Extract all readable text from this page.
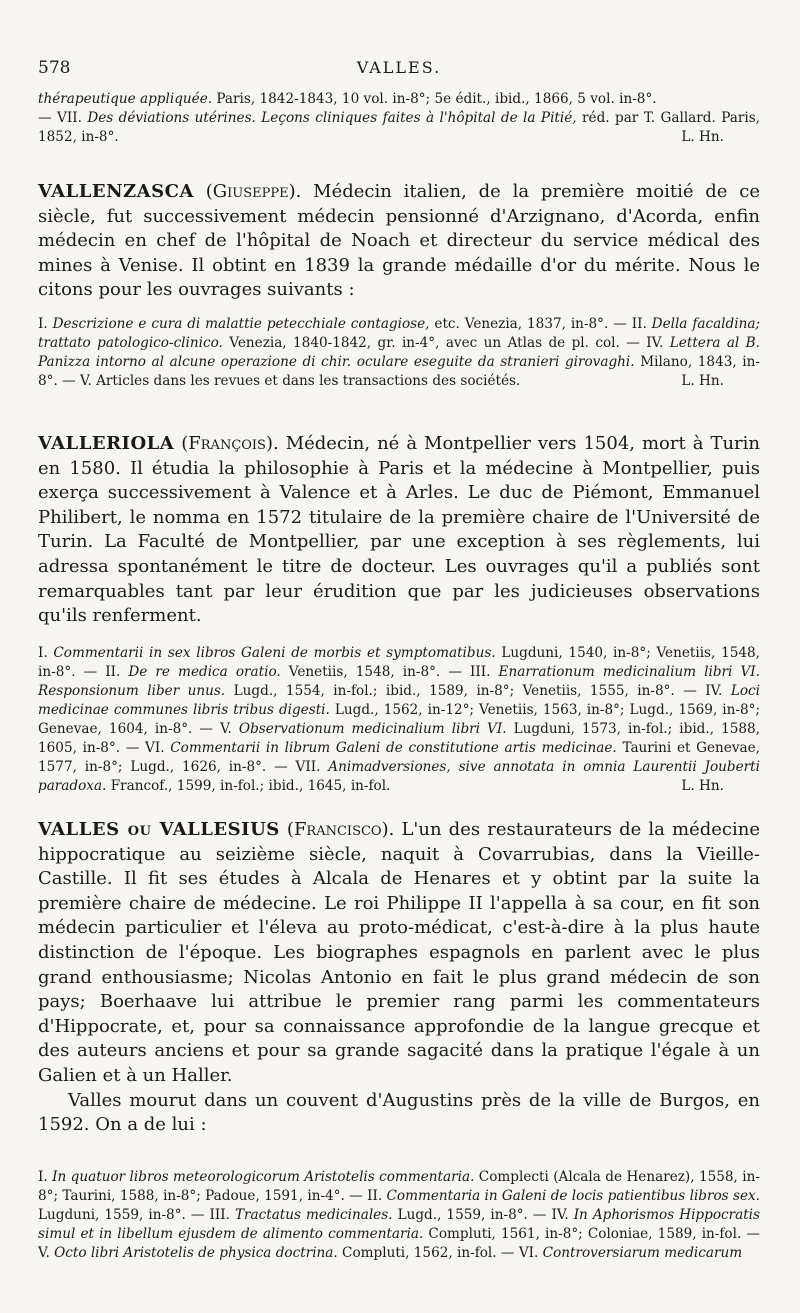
578	VALLES.
thérapeutique appliquée. Paris, 1842-1843, 10 vol. in-8°; 5e édit., ibid., 1866, 5 vol. in-8°.
— VII. Des déviations utérines. Leçons cliniques faites à l'hôpital de la Pitié, réd. par T. Gallard. Paris, 1852, in-8°.	L. Hn.
VALLENZASCA (Giuseppe). Médecin italien, de la première moitié de ce siècle, fut successivement médecin pensionné d'Arzignano, d'Acorda, enfin médecin en chef de l'hôpital de Noach et directeur du service médical des mines à Venise. Il obtint en 1839 la grande médaille d'or du mérite. Nous le citons pour les ouvrages suivants :
I. Descrizione e cura di malattie petecchiale contagiose, etc. Venezia, 1837, in-8°. — II. Della facaldina; trattato patologico-clinico. Venezia, 1840-1842, gr. in-4°, avec un Atlas de pl. col. — IV. Lettera al B. Panizza intorno al alcune operazione di chir. oculare eseguite da stranieri girovaghi. Milano, 1843, in-8°. — V. Articles dans les revues et dans les transactions des sociétés.	L. Hn.
VALLERIOLA (François). Médecin, né à Montpellier vers 1504, mort à Turin en 1580. Il étudia la philosophie à Paris et la médecine à Montpellier, puis exerça successivement à Valence et à Arles. Le duc de Piémont, Emmanuel Philibert, le nomma en 1572 titulaire de la première chaire de l'Université de Turin. La Faculté de Montpellier, par une exception à ses règlements, lui adressa spontanément le titre de docteur. Les ouvrages qu'il a publiés sont remarquables tant par leur érudition que par les judicieuses observations qu'ils renferment.
I. Commentarii in sex libros Galeni de morbis et symptomatibus. Lugduni, 1540, in-8°; Venetiis, 1548, in-8°. — II. De re medica oratio. Venetiis, 1548, in-8°. — III. Enarrationum medicinalium libri VI. Responsionum liber unus. Lugd., 1554, in-fol.; ibid., 1589, in-8°; Venetiis, 1555, in-8°. — IV. Loci medicinae communes libris tribus digesti. Lugd., 1562, in-12°; Venetiis, 1563, in-8°; Lugd., 1569, in-8°; Genevae, 1604, in-8°. — V. Observationum medicinalium libri VI. Lugduni, 1573, in-fol.; ibid., 1588, 1605, in-8°. — VI. Commentarii in librum Galeni de constitutione artis medicinae. Taurini et Genevae, 1577, in-8°; Lugd., 1626, in-8°. — VII. Animadversiones, sive annotata in omnia Laurentii Jouberti paradoxa. Francof., 1599, in-fol.; ibid., 1645, in-fol.	L. Hn.
VALLES ou VALLESIUS (Francisco). L'un des restaurateurs de la médecine hippocratique au seizième siècle, naquit à Covarrubias, dans la Vieille-Castille. Il fit ses études à Alcala de Henares et y obtint par la suite la première chaire de médecine. Le roi Philippe II l'appella à sa cour, en fit son médecin particulier et l'éleva au proto-médicat, c'est-à-dire à la plus haute distinction de l'époque. Les biographes espagnols en parlent avec le plus grand enthousiasme; Nicolas Antonio en fait le plus grand médecin de son pays; Boerhaave lui attribue le premier rang parmi les commentateurs d'Hippocrate, et, pour sa connaissance approfondie de la langue grecque et des auteurs anciens et pour sa grande sagacité dans la pratique l'égale à un Galien et à un Haller.
Valles mourut dans un couvent d'Augustins près de la ville de Burgos, en 1592. On a de lui :
I. In quatuor libros meteorologicorum Aristotelis commentaria. Complecti (Alcala de Henarez), 1558, in-8°; Taurini, 1588, in-8°; Padoue, 1591, in-4°. — II. Commentaria in Galeni de locis patientibus libros sex. Lugduni, 1559, in-8°. — III. Tractatus medicinales. Lugd., 1559, in-8°. — IV. In Aphorismos Hippocratis simul et in libellum ejusdem de alimento commentaria. Compluti, 1561, in-8°; Coloniae, 1589, in-fol. — V. Octo libri Aristotelis de physica doctrina. Compluti, 1562, in-fol. — VI. Controversiarum medicarum
